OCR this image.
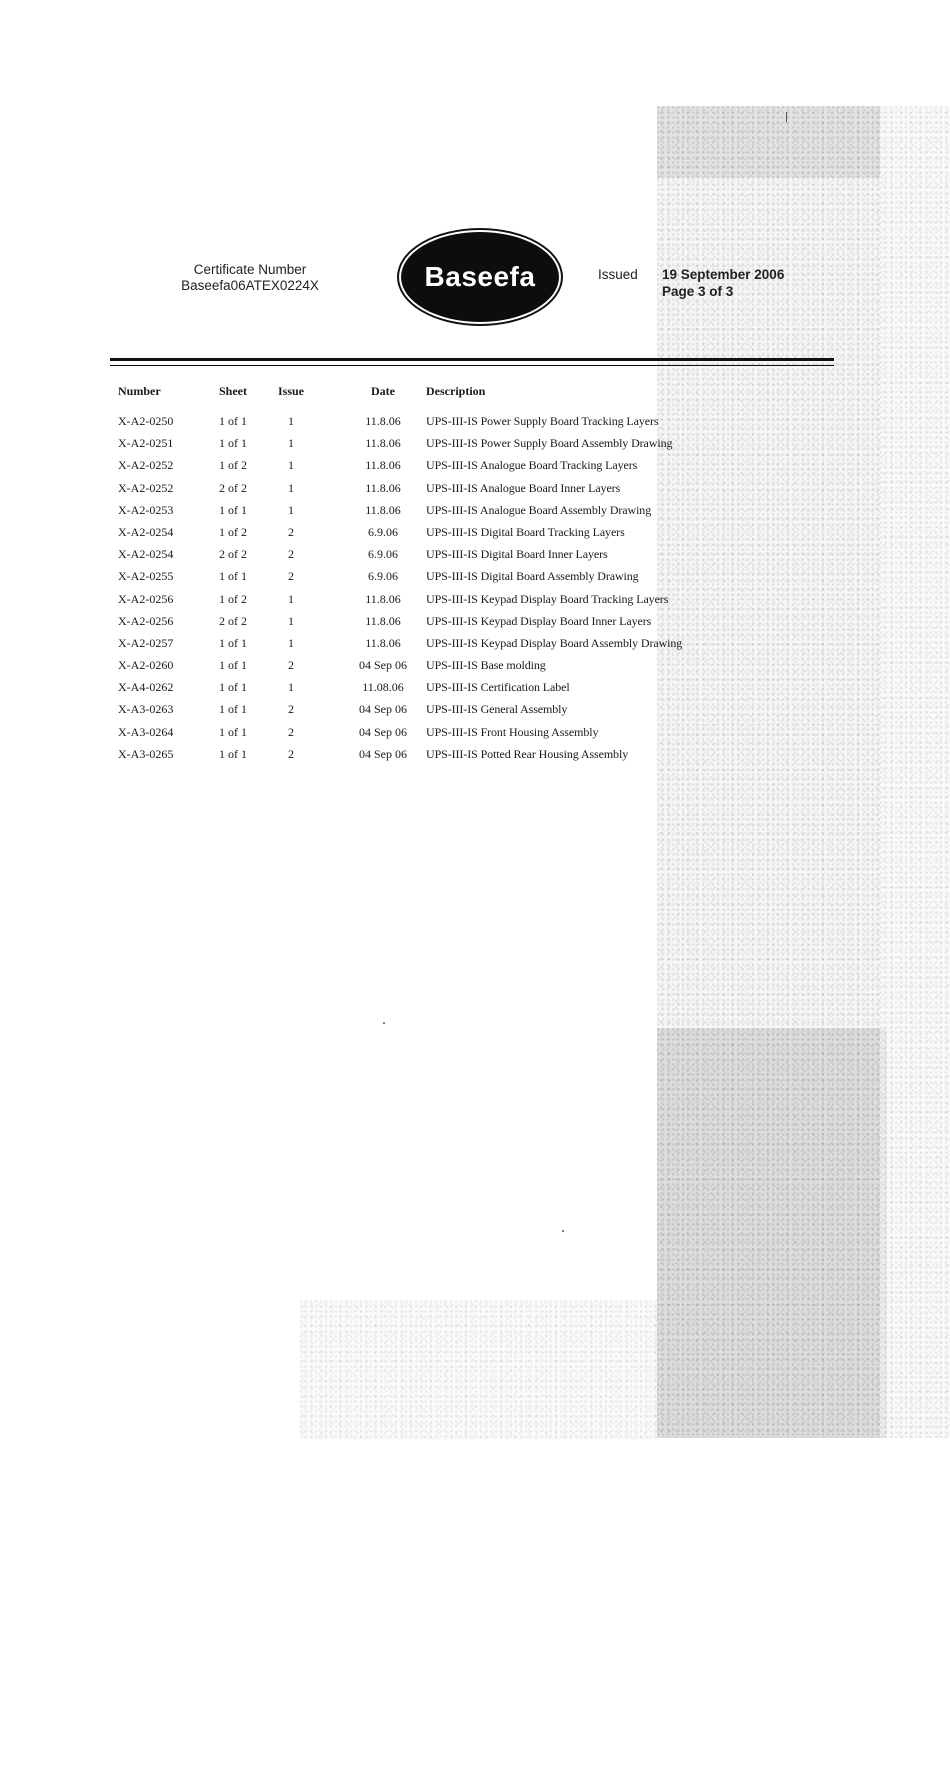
Certificate Number
Baseefa06ATEX0224X	Baseefa	Issued 19 September 2006
Page 3 of 3
Number	Sheet	Issue	Date	Description
X-A2-0250	1 of 1	1	11.8.06	UPS-III-IS Power Supply Board Tracking Layers
X-A2-0251	1 of 1	1	11.8.06	UPS-III-IS Power Supply Board Assembly Drawing
X-A2-0252	1 of 2	1	11.8.06	UPS-III-IS Analogue Board Tracking Layers
X-A2-0252	2 of 2	1	11.8.06	UPS-III-IS Analogue Board Inner Layers
X-A2-0253	1 of 1	1	11.8.06	UPS-III-IS Analogue Board Assembly Drawing
X-A2-0254	1 of 2	2	6.9.06	UPS-III-IS Digital Board Tracking Layers
X-A2-0254	2 of 2	2	6.9.06	UPS-III-IS Digital Board Inner Layers
X-A2-0255	1 of 1	2	6.9.06	UPS-III-IS Digital Board Assembly Drawing
X-A2-0256	1 of 2	1	11.8.06	UPS-III-IS Keypad Display Board Tracking Layers
X-A2-0256	2 of 2	1	11.8.06	UPS-III-IS Keypad Display Board Inner Layers
X-A2-0257	1 of 1	1	11.8.06	UPS-III-IS Keypad Display Board Assembly Drawing
X-A2-0260	1 of 1	2	04 Sep 06	UPS-III-IS Base molding
X-A4-0262	1 of 1	1	11.08.06	UPS-III-IS Certification Label
X-A3-0263	1 of 1	2	04 Sep 06	UPS-III-IS General Assembly
X-A3-0264	1 of 1	2	04 Sep 06	UPS-III-IS Front Housing Assembly
X-A3-0265	1 of 1	2	04 Sep 06	UPS-III-IS Potted Rear Housing Assembly
